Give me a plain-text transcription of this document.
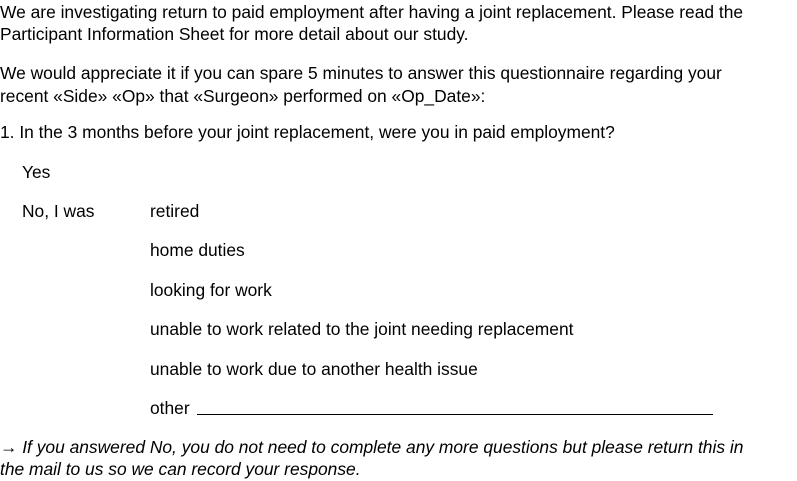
We are investigating return to paid employment after having a joint replacement. Please read the
Participant Information Sheet for more detail about our study.
We would appreciate it if you can spare 5 minutes to answer this questionnaire regarding your
recent «Side» «Op» that «Surgeon» performed on «Op_Date»:
1. In the 3 months before your joint replacement, were you in paid employment?
Yes
No, I was	retired
home duties
looking for work
unable to work related to the joint needing replacement
unable to work due to another health issue
other
→ If you answered No, you do not need to complete any more questions but please return this in
the mail to us so we can record your response.
